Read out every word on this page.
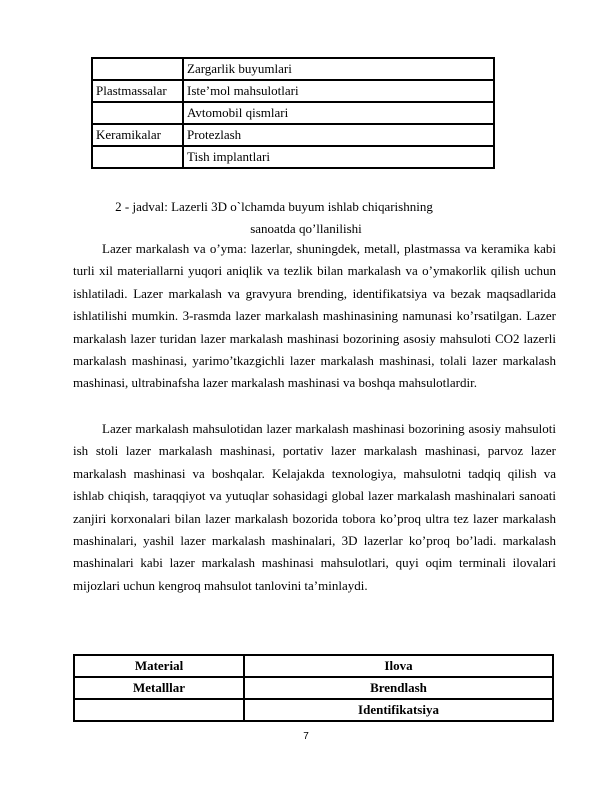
	Zargarlik buyumlari
Plastmassalar	Iste’mol mahsulotlari
	Avtomobil qismlari
Keramikalar	Protezlash
	Tish implantlari
2 - jadval: Lazerli 3D o`lchamda buyum ishlab chiqarishning
sanoatda qo’llanilishi

Lazer markalash va o’yma: lazerlar, shuningdek, metall, plastmassa va keramika kabi turli xil materiallarni yuqori aniqlik va tezlik bilan markalash va o’ymakorlik qilish uchun ishlatiladi. Lazer markalash va gravyura brending, identifikatsiya va bezak maqsadlarida ishlatilishi mumkin. 3-rasmda lazer markalash mashinasining namunasi ko’rsatilgan. Lazer markalash lazer turidan lazer markalash mashinasi bozorining asosiy mahsuloti CO2 lazerli markalash mashinasi, yarimo’tkazgichli lazer markalash mashinasi, tolali lazer markalash mashinasi, ultrabinafsha lazer markalash mashinasi va boshqa mahsulotlardir.

Lazer markalash mahsulotidan lazer markalash mashinasi bozorining asosiy mahsuloti ish stoli lazer markalash mashinasi, portativ lazer markalash mashinasi, parvoz lazer markalash mashinasi va boshqalar. Kelajakda texnologiya, mahsulotni tadqiq qilish va ishlab chiqish, taraqqiyot va yutuqlar sohasidagi global lazer markalash mashinalari sanoati zanjiri korxonalari bilan lazer markalash bozorida tobora ko’proq ultra tez lazer markalash mashinalari, yashil lazer markalash mashinalari, 3D lazerlar ko’proq bo’ladi. markalash mashinalari kabi lazer markalash mashinasi mahsulotlari, quyi oqim terminali ilovalari mijozlari uchun kengroq mahsulot tanlovini ta’minlaydi.

Material	Ilova
Metalllar	Brendlash
	Identifikatsiya
7
